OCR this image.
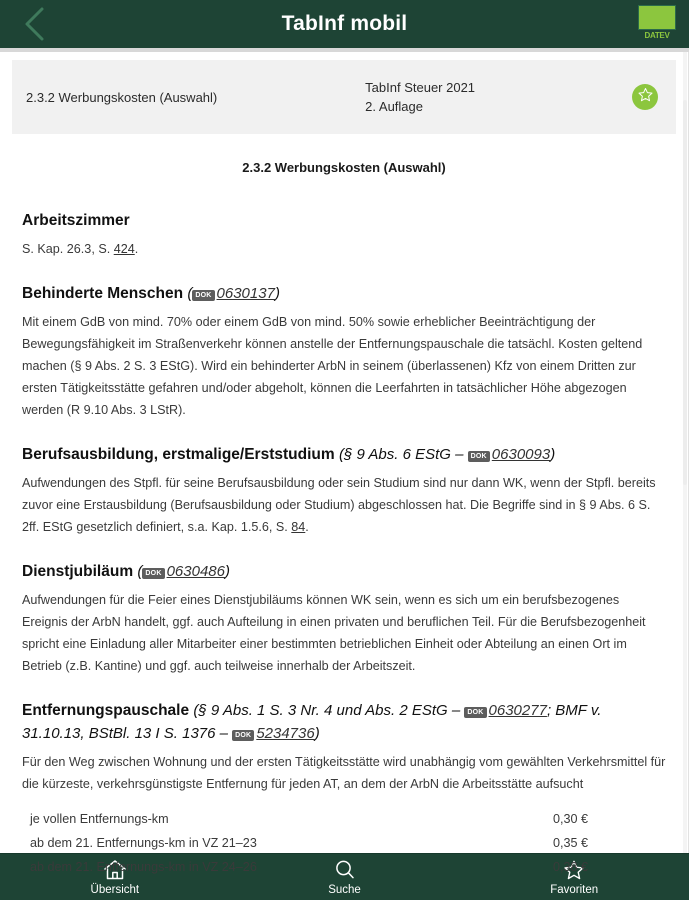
TabInf mobil
DATEV
2.3.2 Werbungskosten (Auswahl)
TabInf Steuer 2021
2. Auflage
2.3.2 Werbungskosten (Auswahl)
Arbeitszimmer
S. Kap. 26.3, S. 424.
Behinderte Menschen ( DOK 0630137)
Mit einem GdB von mind. 70% oder einem GdB von mind. 50% sowie erheblicher Beeinträchtigung der Bewegungsfähigkeit im Straßenverkehr können anstelle der Entfernungspauschale die tatsächl. Kosten geltend machen (§ 9 Abs. 2 S. 3 EStG). Wird ein behinderter ArbN in seinem (überlassenen) Kfz von einem Dritten zur ersten Tätigkeitsstätte gefahren und/oder abgeholt, können die Leerfahrten in tatsächlicher Höhe abgezogen werden (R 9.10 Abs. 3 LStR).
Berufsausbildung, erstmalige/Erststudium (§ 9 Abs. 6 EStG – DOK 0630093)
Aufwendungen des Stpfl. für seine Berufsausbildung oder sein Studium sind nur dann WK, wenn der Stpfl. bereits zuvor eine Erstausbildung (Berufsausbildung oder Studium) abgeschlossen hat. Die Begriffe sind in § 9 Abs. 6 S. 2ff. EStG gesetzlich definiert, s.a. Kap. 1.5.6, S. 84.
Dienstjubiläum ( DOK 0630486)
Aufwendungen für die Feier eines Dienstjubiläums können WK sein, wenn es sich um ein berufsbezogenes Ereignis der ArbN handelt, ggf. auch Aufteilung in einen privaten und beruflichen Teil. Für die Berufsbezogenheit spricht eine Einladung aller Mitarbeiter einer bestimmten betrieblichen Einheit oder Abteilung an einen Ort im Betrieb (z.B. Kantine) und ggf. auch teilweise innerhalb der Arbeitszeit.
Entfernungspauschale (§ 9 Abs. 1 S. 3 Nr. 4 und Abs. 2 EStG – DOK 0630277; BMF v. 31.10.13, BStBl. 13 I S. 1376 – DOK 5234736)
Für den Weg zwischen Wohnung und der ersten Tätigkeitsstätte wird unabhängig vom gewählten Verkehrsmittel für die kürzeste, verkehrsgünstigste Entfernung für jeden AT, an dem der ArbN die Arbeitsstätte aufsucht
je vollen Entfernungs-km	0,30 €
ab dem 21. Entfernungs-km in VZ 21–23	0,35 €
ab dem 21. Entfernungs-km in VZ 24–26	0,38 €
Übersicht	Suche	Favoriten
